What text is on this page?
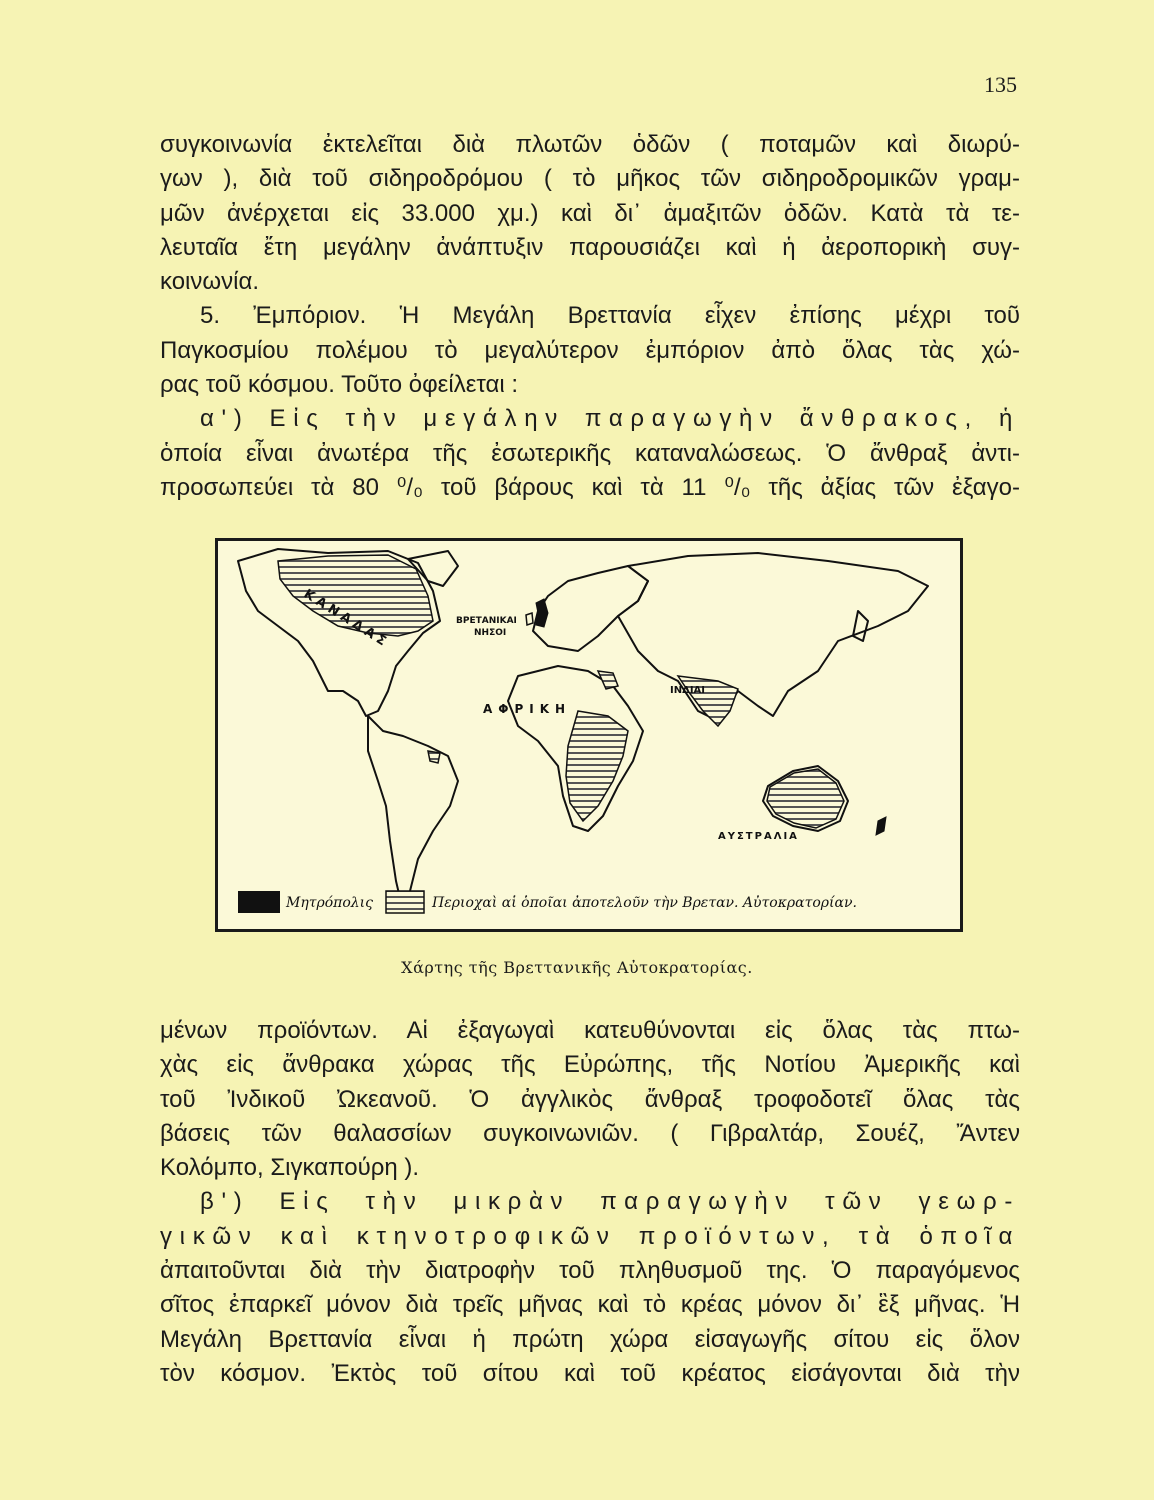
135
συγκοινωνία ἐκτελεῖται διὰ πλωτῶν ὁδῶν ( ποταμῶν καὶ διωρύ-
γων ), διὰ τοῦ σιδηροδρόμου ( τὸ μῆκος τῶν σιδηροδρομικῶν γραμ-
μῶν ἀνέρχεται εἰς 33.000 χμ.) καὶ δι᾿ ἁμαξιτῶν ὁδῶν. Κατὰ τὰ τε-
λευταῖα ἔτη μεγάλην ἀνάπτυξιν παρουσιάζει καὶ ἡ ἀεροπορικὴ συγ-
κοινωνία.
5. Ἐμπόριον. Ἡ Μεγάλη Βρεττανία εἶχεν ἐπίσης μέχρι τοῦ
Παγκοσμίου πολέμου τὸ μεγαλύτερον ἐμπόριον ἀπὸ ὅλας τὰς χώ-
ρας τοῦ κόσμου. Τοῦτο ὀφείλεται :
α') Εἰς τὴν μεγάλην παραγωγὴν ἄνθρακος, ἡ
ὁποία εἶναι ἀνωτέρα τῆς ἐσωτερικῆς καταναλώσεως. Ὁ ἄνθραξ ἀντι-
προσωπεύει τὰ 80 ⁰/₀ τοῦ βάρους καὶ τὰ 11 ⁰/₀ τῆς ἀξίας τῶν ἐξαγο-
ΚΑΝΑΔΑΣ	ΒΡΕΤΑΝΙΚΑΙ
ΝΗΣΟΙ
ΑΦΡΙΚΗ
ΙΝΔΙΑΙ
ΑΥΣΤΡΑΛΙΑ
Μητρόπολις	Περιοχαὶ αἱ ὁποῖαι ἀποτελοῦν τὴν Βρεταν. Αὐτοκρατορίαν.
Χάρτης τῆς Βρεττανικῆς Αὐτοκρατορίας.
μένων προϊόντων. Αἱ ἐξαγωγαὶ κατευθύνονται εἰς ὅλας τὰς πτω-
χὰς εἰς ἄνθρακα χώρας τῆς Εὐρώπης, τῆς Νοτίου Ἀμερικῆς καὶ
τοῦ Ἰνδικοῦ Ὠκεανοῦ. Ὁ ἀγγλικὸς ἄνθραξ τροφοδοτεῖ ὅλας τὰς
βάσεις τῶν θαλασσίων συγκοινωνιῶν. ( Γιβραλτάρ, Σουέζ, Ἄντεν
Κολόμπο, Σιγκαπούρη ).
β') Εἰς τὴν μικρὰν παραγωγὴν τῶν γεωρ-
γικῶν καὶ κτηνοτροφικῶν προϊόντων, τὰ ὁποῖα
ἀπαιτοῦνται διὰ τὴν διατροφὴν τοῦ πληθυσμοῦ της. Ὁ παραγόμενος
σῖτος ἐπαρκεῖ μόνον διὰ τρεῖς μῆνας καὶ τὸ κρέας μόνον δι᾿ ἓξ μῆνας. Ἡ
Μεγάλη Βρεττανία εἶναι ἡ πρώτη χώρα εἰσαγωγῆς σίτου εἰς ὅλον
τὸν κόσμον. Ἐκτὸς τοῦ σίτου καὶ τοῦ κρέατος εἰσάγονται διὰ τὴν
